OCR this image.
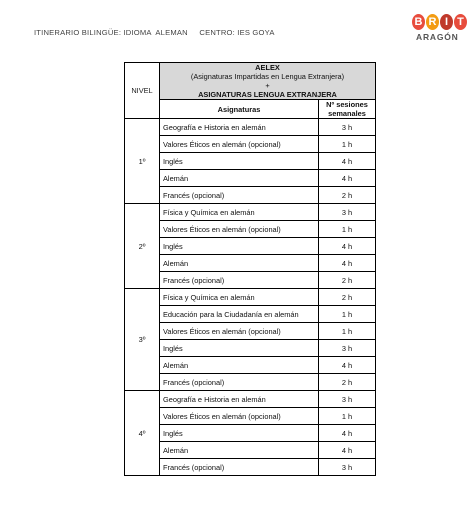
ITINERARIO BILINGÜE: IDIOMA  ALEMAN     CENTRO: IES GOYA
B R I T
ARAGÓN
NIVEL	AELEX
(Asignaturas Impartidas en Lengua Extranjera)
+
ASIGNATURAS LENGUA EXTRANJERA	

	Asignaturas	Nº sesiones semanales
1º	Geografía e Historia en alemán	3 h
	Valores Éticos en alemán (opcional)	1 h
	Inglés	4 h
	Alemán	4 h
	Francés (opcional)	2 h
2º	Física y Química en alemán	3 h
	Valores Éticos en alemán (opcional)	1 h
	Inglés	4 h
	Alemán	4 h
	Francés (opcional)	2 h
3º	Física y Química en alemán	2 h
	Educación para la Ciudadanía en alemán	1 h
	Valores Éticos en alemán (opcional)	1 h
	Inglés	3 h
	Alemán	4 h
	Francés (opcional)	2 h
4º	Geografía e Historia en alemán	3 h
	Valores Éticos en alemán (opcional)	1 h
	Inglés	4 h
	Alemán	4 h
	Francés (opcional)	3 h
